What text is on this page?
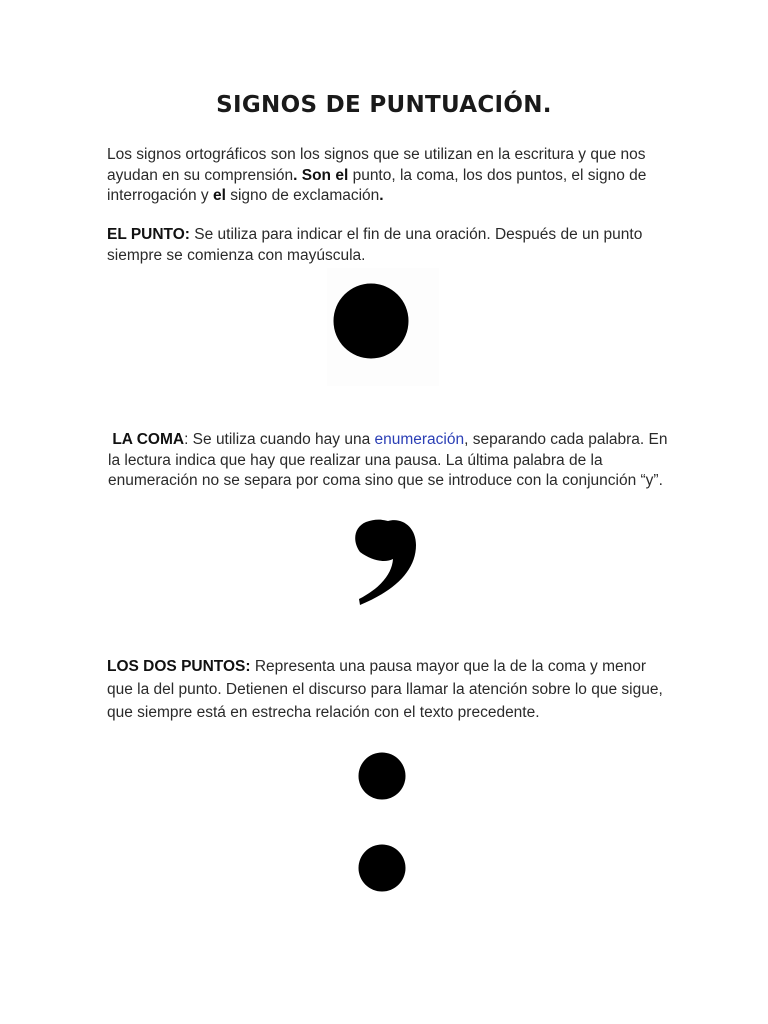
SIGNOS DE PUNTUACIÓN.
Los signos ortográficos son los signos que se utilizan en la escritura y que nos ayudan en su comprensión. Son el punto, la coma, los dos puntos, el signo de interrogación y el signo de exclamación.
EL PUNTO: Se utiliza para indicar el fin de una oración. Después de un punto siempre se comienza con mayúscula.
LA COMA: Se utiliza cuando hay una enumeración, separando cada palabra. En la lectura indica que hay que realizar una pausa. La última palabra de la enumeración no se separa por coma sino que se introduce con la conjunción “y”.
LOS DOS PUNTOS: Representa una pausa mayor que la de la coma y menor que la del punto. Detienen el discurso para llamar la atención sobre lo que sigue, que siempre está en estrecha relación con el texto precedente.
